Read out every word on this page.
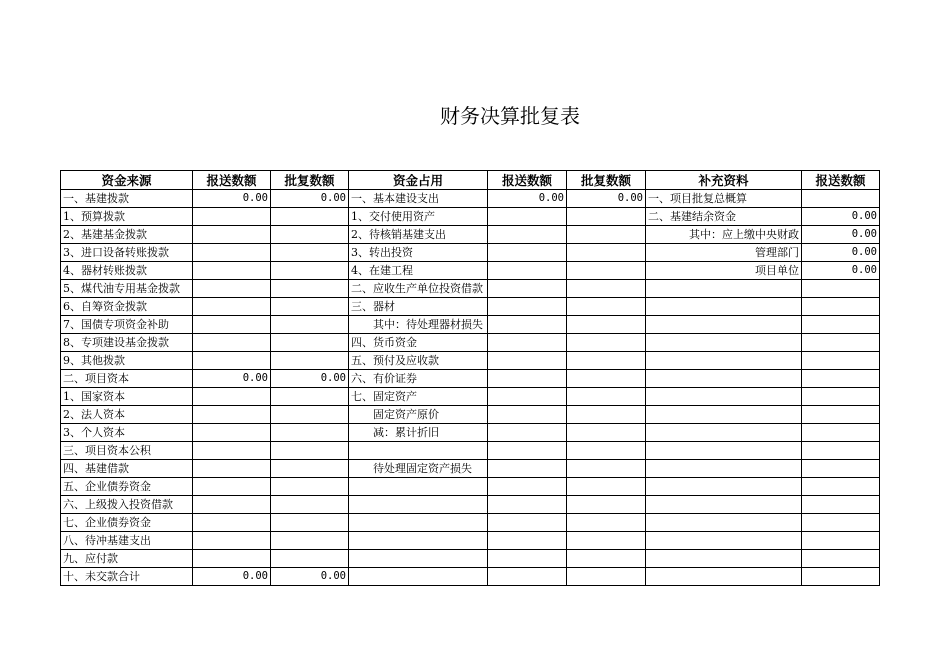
财务决算批复表
资金来源	报送数额	批复数额	资金占用	报送数额	批复数额	补充资料	报送数额
一、基建拨款	0.00	0.00	一、基本建设支出	0.00	0.00	一、项目批复总概算	
1、预算拨款			1、交付使用资产			二、基建结余资金	0.00
2、基建基金拨款			2、待核销基建支出			其中：应上缴中央财政	0.00
3、进口设备转账拨款			3、转出投资			管理部门	0.00
4、器材转账拨款			4、在建工程			项目单位	0.00
5、煤代油专用基金拨款			二、应收生产单位投资借款				
6、自筹资金拨款			三、器材				
7、国债专项资金补助			其中：待处理器材损失				
8、专项建设基金拨款			四、货币资金				
9、其他拨款			五、预付及应收款				
二、项目资本	0.00	0.00	六、有价证券				
1、国家资本			七、固定资产				
2、法人资本			固定资产原价				
3、个人资本			减：累计折旧				
三、项目资本公积							
四、基建借款			待处理固定资产损失				
五、企业债券资金							
六、上级拨入投资借款							
七、企业债券资金							
八、待冲基建支出							
九、应付款							
十、未交款合计	0.00	0.00					
